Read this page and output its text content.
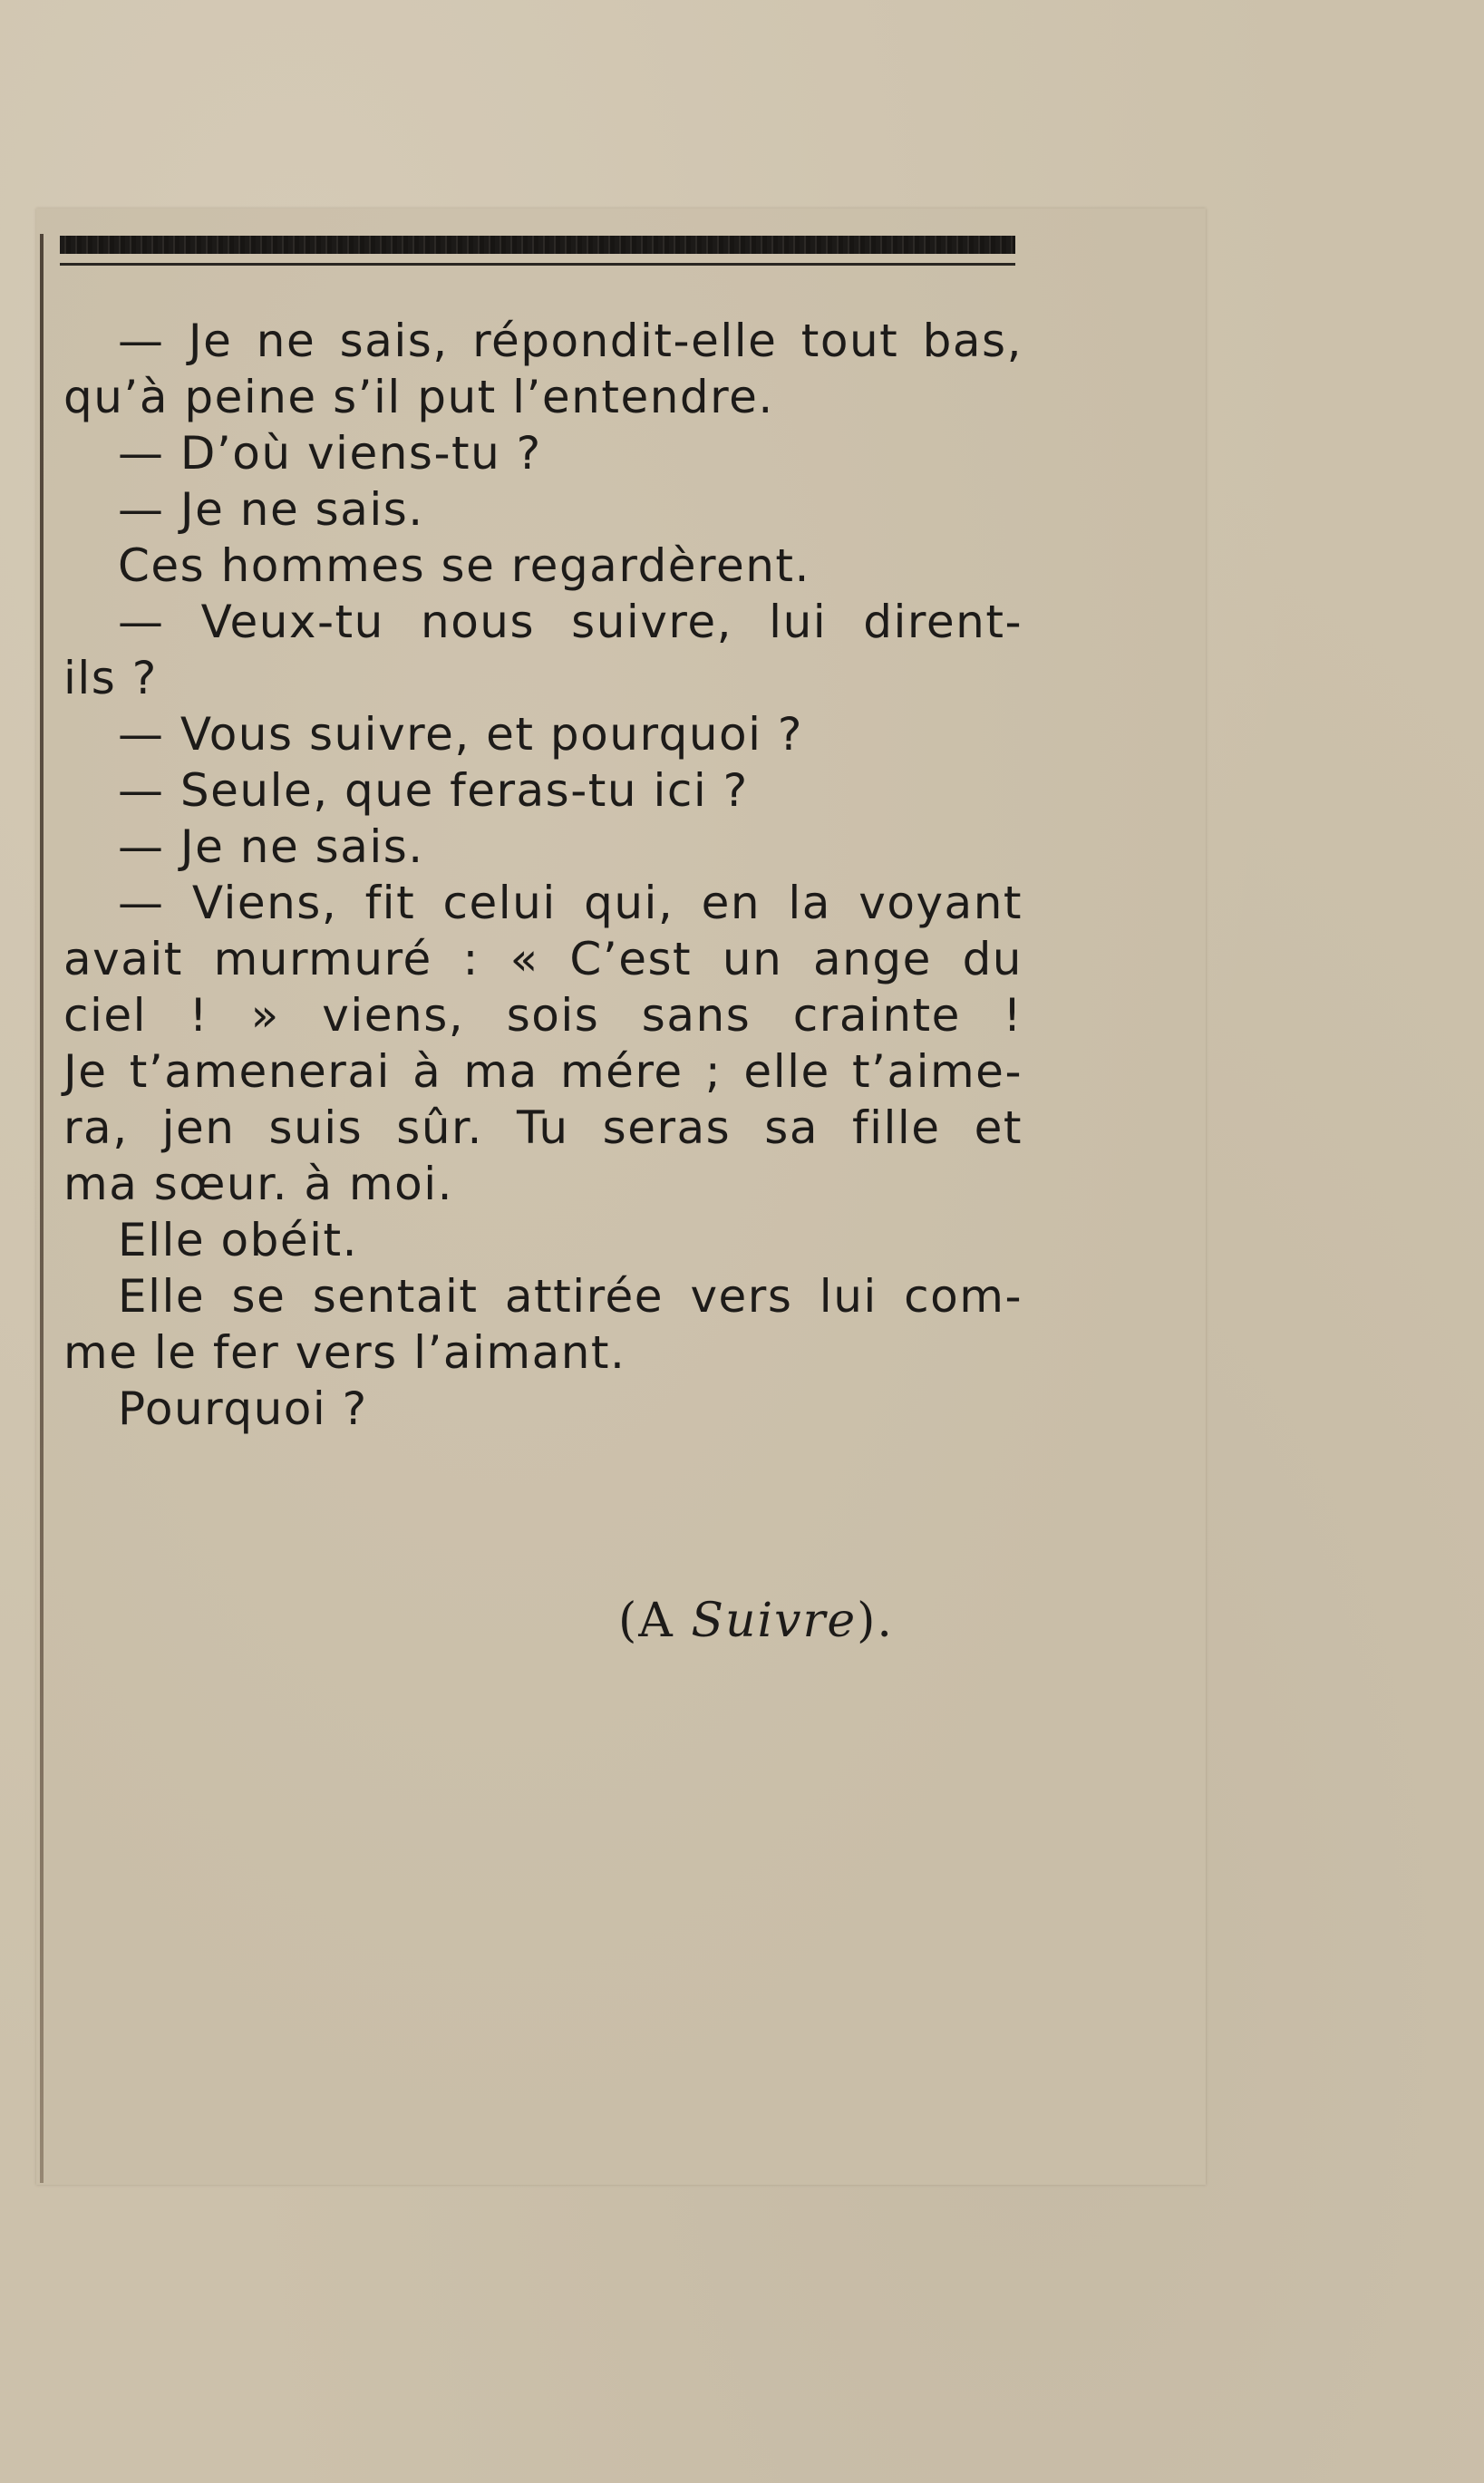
— Je ne sais, répondit-elle tout bas,
qu’à peine s’il put l’entendre.
— D’où viens-tu ?
— Je ne sais.
Ces hommes se regardèrent.
— Veux-tu nous suivre, lui dirent-
ils ?
— Vous suivre, et pourquoi ?
— Seule, que feras-tu ici ?
— Je ne sais.
— Viens, fit celui qui, en la voyant
avait murmuré : « C’est un ange du
ciel ! » viens, sois sans crainte !
Je t’amenerai à ma mére ; elle t’aime-
ra, jen suis sûr. Tu seras sa fille et
ma sœur. à moi.
Elle obéit.
Elle se sentait attirée vers lui com-
me le fer vers l’aimant.
Pourquoi ?
(A Suivre).
